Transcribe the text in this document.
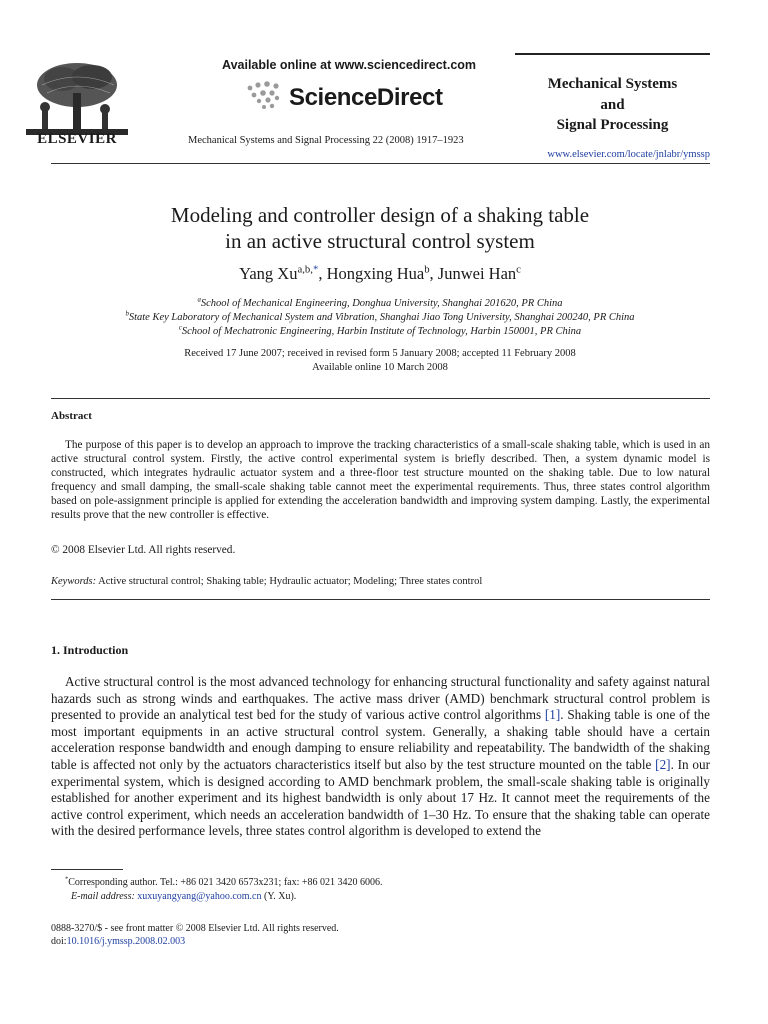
ELSEVIER
Available online at www.sciencedirect.com
ScienceDirect
Mechanical Systems and Signal Processing 22 (2008) 1917–1923
Mechanical Systems
and
Signal Processing
www.elsevier.com/locate/jnlabr/ymssp
Modeling and controller design of a shaking table
in an active structural control system
Yang $Xu^{a,b,*}$, Hongxing Hua$^b$, Junwei Han$^c$
$^a$School of Mechanical Engineering, Donghua University, Shanghai 201620, PR China
$^b$State Key Laboratory of Mechanical System and Vibration, Shanghai Jiao Tong University, Shanghai 200240, PR China
$^c$School of Mechatronic Engineering, Harbin Institute of Technology, Harbin 150001, PR China
Received 17 June 2007; received in revised form 5 January 2008; accepted 11 February 2008
Available online 10 March 2008
Abstract
The purpose of this paper is to develop an approach to improve the tracking characteristics of a small-scale shaking table, which is used in an active structural control system. Firstly, the active control experimental system is briefly described. Then, a system dynamic model is constructed, which integrates hydraulic actuator system and a three-floor test structure mounted on the shaking table. Due to low natural frequency and small damping, the small-scale shaking table cannot meet the experimental requirements. Thus, three states control algorithm based on pole-assignment principle is applied for extending the acceleration bandwidth and improving system damping. Lastly, the experimental results prove that the new controller is effective.
© 2008 Elsevier Ltd. All rights reserved.
Keywords: Active structural control; Shaking table; Hydraulic actuator; Modeling; Three states control
1. Introduction
Active structural control is the most advanced technology for enhancing structural functionality and safety against natural hazards such as strong winds and earthquakes. The active mass driver (AMD) benchmark structural control problem is presented to provide an analytical test bed for the study of various active control algorithms [1]. Shaking table is one of the most important equipments in an active structural control system. Generally, a shaking table should have a certain acceleration response bandwidth and enough damping to ensure reliability and repeatability. The bandwidth of the shaking table is affected not only by the actuators characteristics itself but also by the test structure mounted on the table [2]. In our experimental system, which is designed according to AMD benchmark problem, the small-scale shaking table is originally established for another experiment and its highest bandwidth is only about 17 Hz. It cannot meet the requirements of the active control experiment, which needs an acceleration bandwidth of 1–30 Hz. To ensure that the shaking table can operate with the desired performance levels, three states control algorithm is developed to extend the
*Corresponding author. Tel.: +86 021 3420 6573x231; fax: +86 021 3420 6006.
E-mail address: xuxuyangyang@yahoo.com.cn (Y. Xu).
0888-3270/$ - see front matter © 2008 Elsevier Ltd. All rights reserved.
doi:10.1016/j.ymssp.2008.02.003
